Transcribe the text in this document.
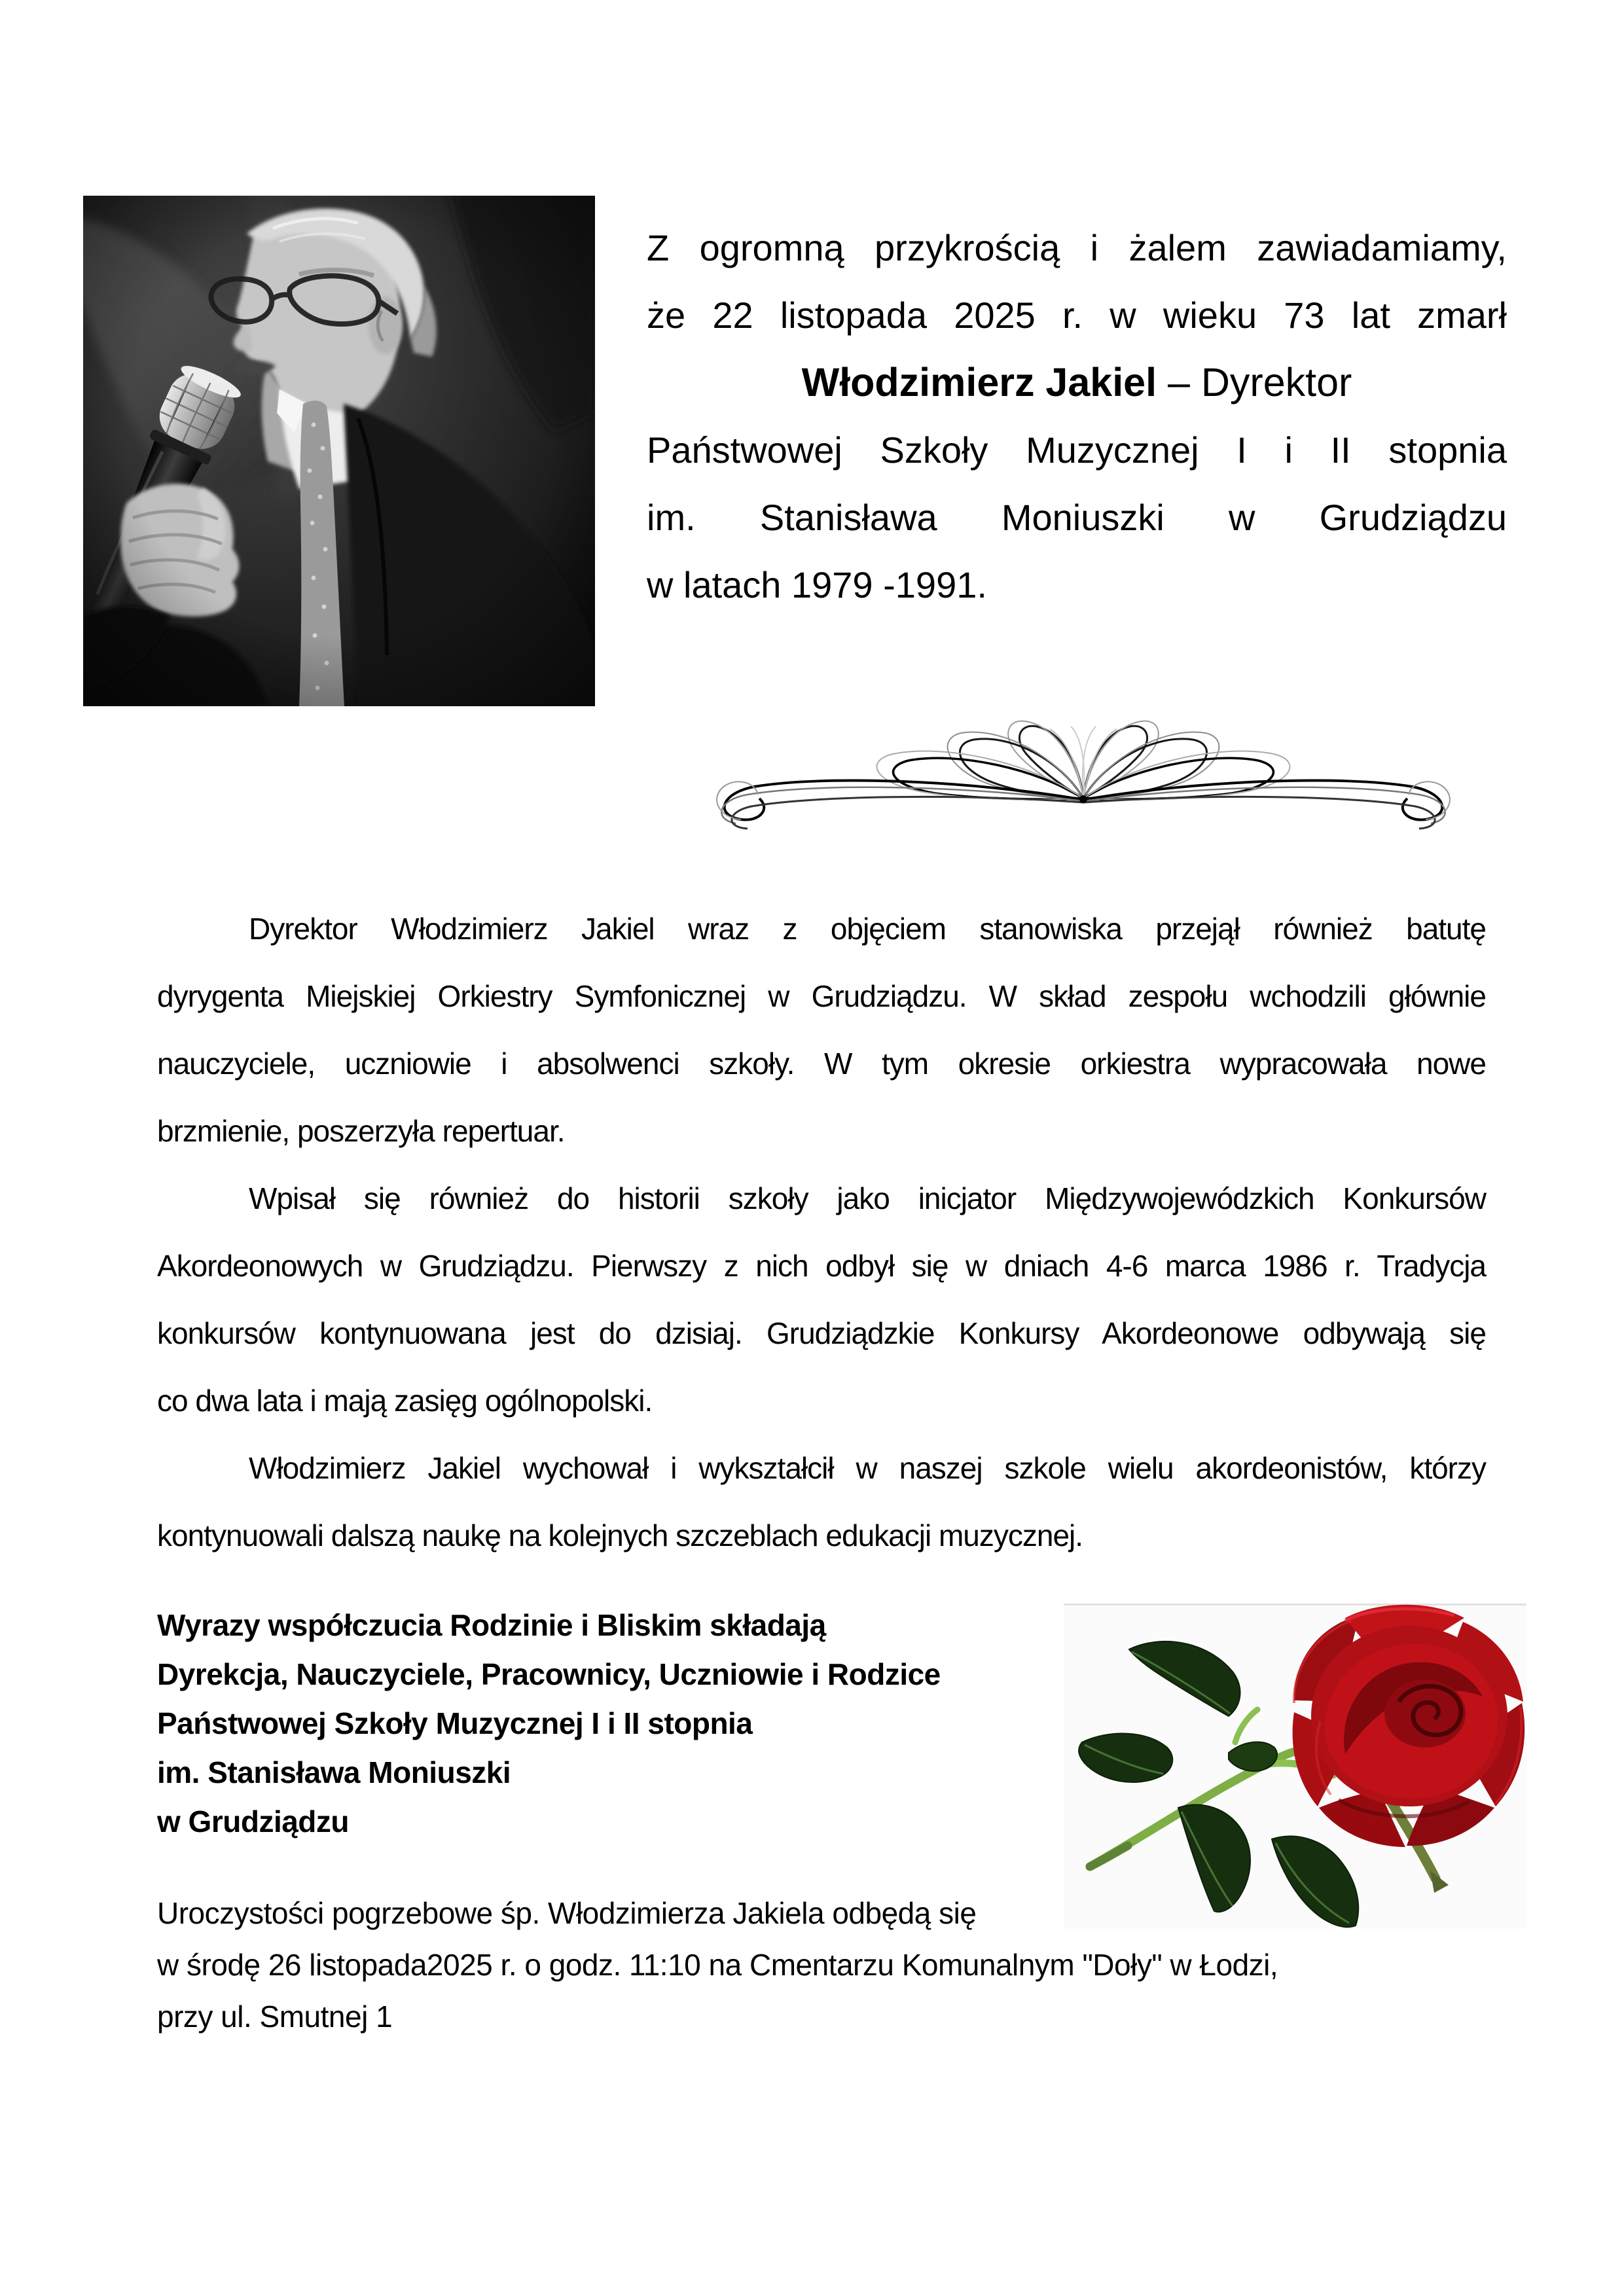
Z ogromną przykrością i żalem zawiadamiamy,
że 22 listopada 2025 r. w wieku 73 lat zmarł
Włodzimierz Jakiel – Dyrektor
Państwowej Szkoły Muzycznej I i II stopnia
im. Stanisława Moniuszki w Grudziądzu
w latach 1979 -1991.
Dyrektor Włodzimierz Jakiel wraz z objęciem stanowiska przejął również batutę
dyrygenta Miejskiej Orkiestry Symfonicznej w Grudziądzu. W skład zespołu wchodzili głównie
nauczyciele, uczniowie i absolwenci szkoły. W tym okresie orkiestra wypracowała nowe
brzmienie, poszerzyła repertuar.
Wpisał się również do historii szkoły jako inicjator Międzywojewódzkich Konkursów
Akordeonowych w Grudziądzu. Pierwszy z nich odbył się w dniach 4-6 marca 1986 r. Tradycja
konkursów kontynuowana jest do dzisiaj. Grudziądzkie Konkursy Akordeonowe odbywają się
co dwa lata i mają zasięg ogólnopolski.
Włodzimierz Jakiel wychował i wykształcił w naszej szkole wielu akordeonistów, którzy
kontynuowali dalszą naukę na kolejnych szczeblach edukacji muzycznej.
Wyrazy współczucia Rodzinie i Bliskim składają
Dyrekcja, Nauczyciele, Pracownicy, Uczniowie i Rodzice
Państwowej Szkoły Muzycznej I i II stopnia
im. Stanisława Moniuszki
w Grudziądzu
Uroczystości pogrzebowe śp. Włodzimierza Jakiela odbędą się
w środę 26 listopada2025 r. o godz. 11:10 na Cmentarzu Komunalnym "Doły" w Łodzi,
przy ul. Smutnej 1
